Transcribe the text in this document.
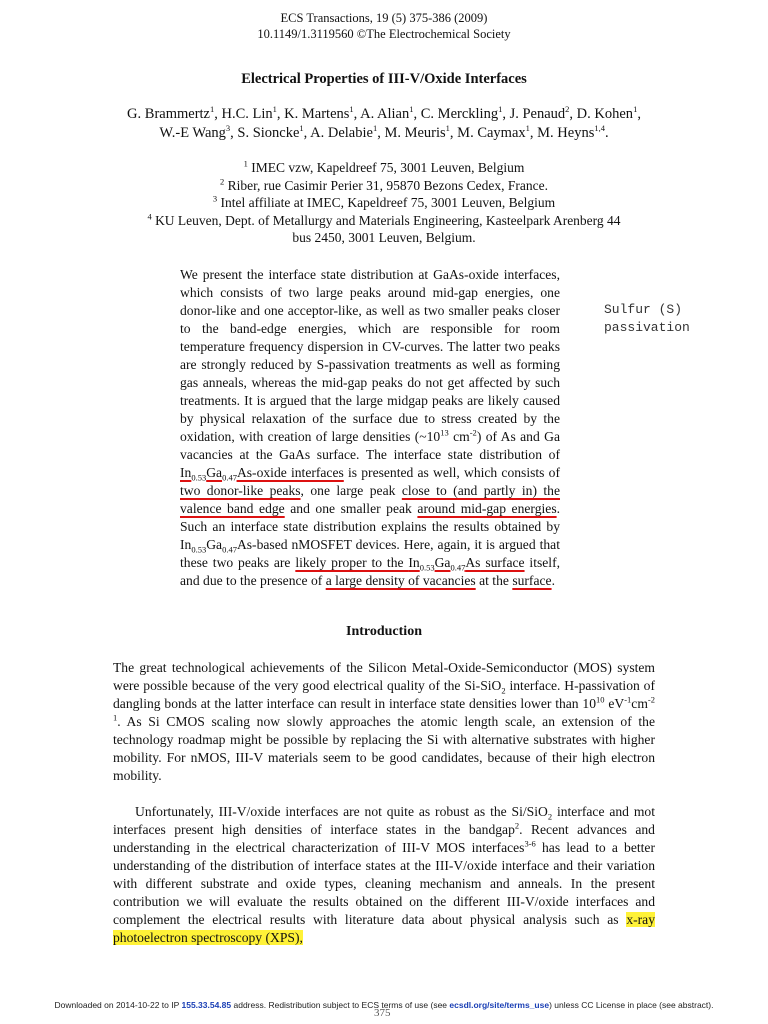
ECS Transactions, 19 (5) 375-386 (2009)
10.1149/1.3119560 ©The Electrochemical Society
Electrical Properties of III-V/Oxide Interfaces
G. Brammertz$^1$, H.C. Lin$^1$, K. Martens$^1$, A. Alian$^1$, C. Merckling$^1$, J. Penaud$^2$, D. Kohen$^1$,
W.-E Wang$^3$, S. Sioncke$^1$, A. Delabie$^1$, M. Meuris$^1$, M. Caymax$^1$, M. Heyns$^{1,4}$.
$^1$ IMEC vzw, Kapeldreef 75, 3001 Leuven, Belgium
$^2$ Riber, rue Casimir Perier 31, 95870 Bezons Cedex, France.
$^3$ Intel affiliate at IMEC, Kapeldreef 75, 3001 Leuven, Belgium
$^4$ KU Leuven, Dept. of Metallurgy and Materials Engineering, Kasteelpark Arenberg 44
bus 2450, 3001 Leuven, Belgium.
We present the interface state distribution at GaAs-oxide interfaces, which consists of two large peaks around mid-gap energies, one donor-like and one acceptor-like, as well as two smaller peaks closer to the band-edge energies, which are responsible for room temperature frequency dispersion in CV-curves. The latter two peaks are strongly reduced by S-passivation treatments as well as forming gas anneals, whereas the mid-gap peaks do not get affected by such treatments. It is argued that the large midgap peaks are likely caused by physical relaxation of the surface due to stress created by the oxidation, with creation of large densities ($\sim 10^{13}$ $cm^{-2}$) of As and Ga vacancies at the GaAs surface. The interface state distribution of $In_{0.53}Ga_{0.47}As$-oxide interfaces is presented as well, which consists of two donor-like peaks, one large peak close to (and partly in) the valence band edge and one smaller peak around mid-gap energies. Such an interface state distribution explains the results obtained by $In_{0.53}Ga_{0.47}As$-based nMOSFET devices. Here, again, it is argued that these two peaks are likely proper to the $In_{0.53}Ga_{0.47}As$ surface itself, and due to the presence of a large density of vacancies at the surface.
Sulfur (S)
passivation
Introduction
The great technological achievements of the Silicon Metal-Oxide-Semiconductor (MOS) system were possible because of the very good electrical quality of the Si-SiO$_2$ interface. H-passivation of dangling bonds at the latter interface can result in interface state densities lower than $10^{10}$ $eV^{-1}cm^{-2 1}$. As Si CMOS scaling now slowly approaches the atomic length scale, an extension of the technology roadmap might be possible by replacing the Si with alternative substrates with higher mobility. For nMOS, III-V materials seem to be good candidates, because of their high electron mobility.
Unfortunately, III-V/oxide interfaces are not quite as robust as the Si/SiO$_2$ interface and mot interfaces present high densities of interface states in the bandgap$^2$. Recent advances and understanding in the electrical characterization of III-V MOS interfaces$^{3-6}$ has lead to a better understanding of the distribution of interface states at the III-V/oxide interface and their variation with different substrate and oxide types, cleaning mechanism and anneals. In the present contribution we will evaluate the results obtained on the different III-V/oxide interfaces and complement the electrical results with literature data about physical analysis such as x-ray photoelectron spectroscopy (XPS),
Downloaded on 2014-10-22 to IP 155.33.54.85 address. Redistribution subject to ECS terms of use (see ecsdl.org/site/terms_use) unless CC License in place (see abstract).
375
